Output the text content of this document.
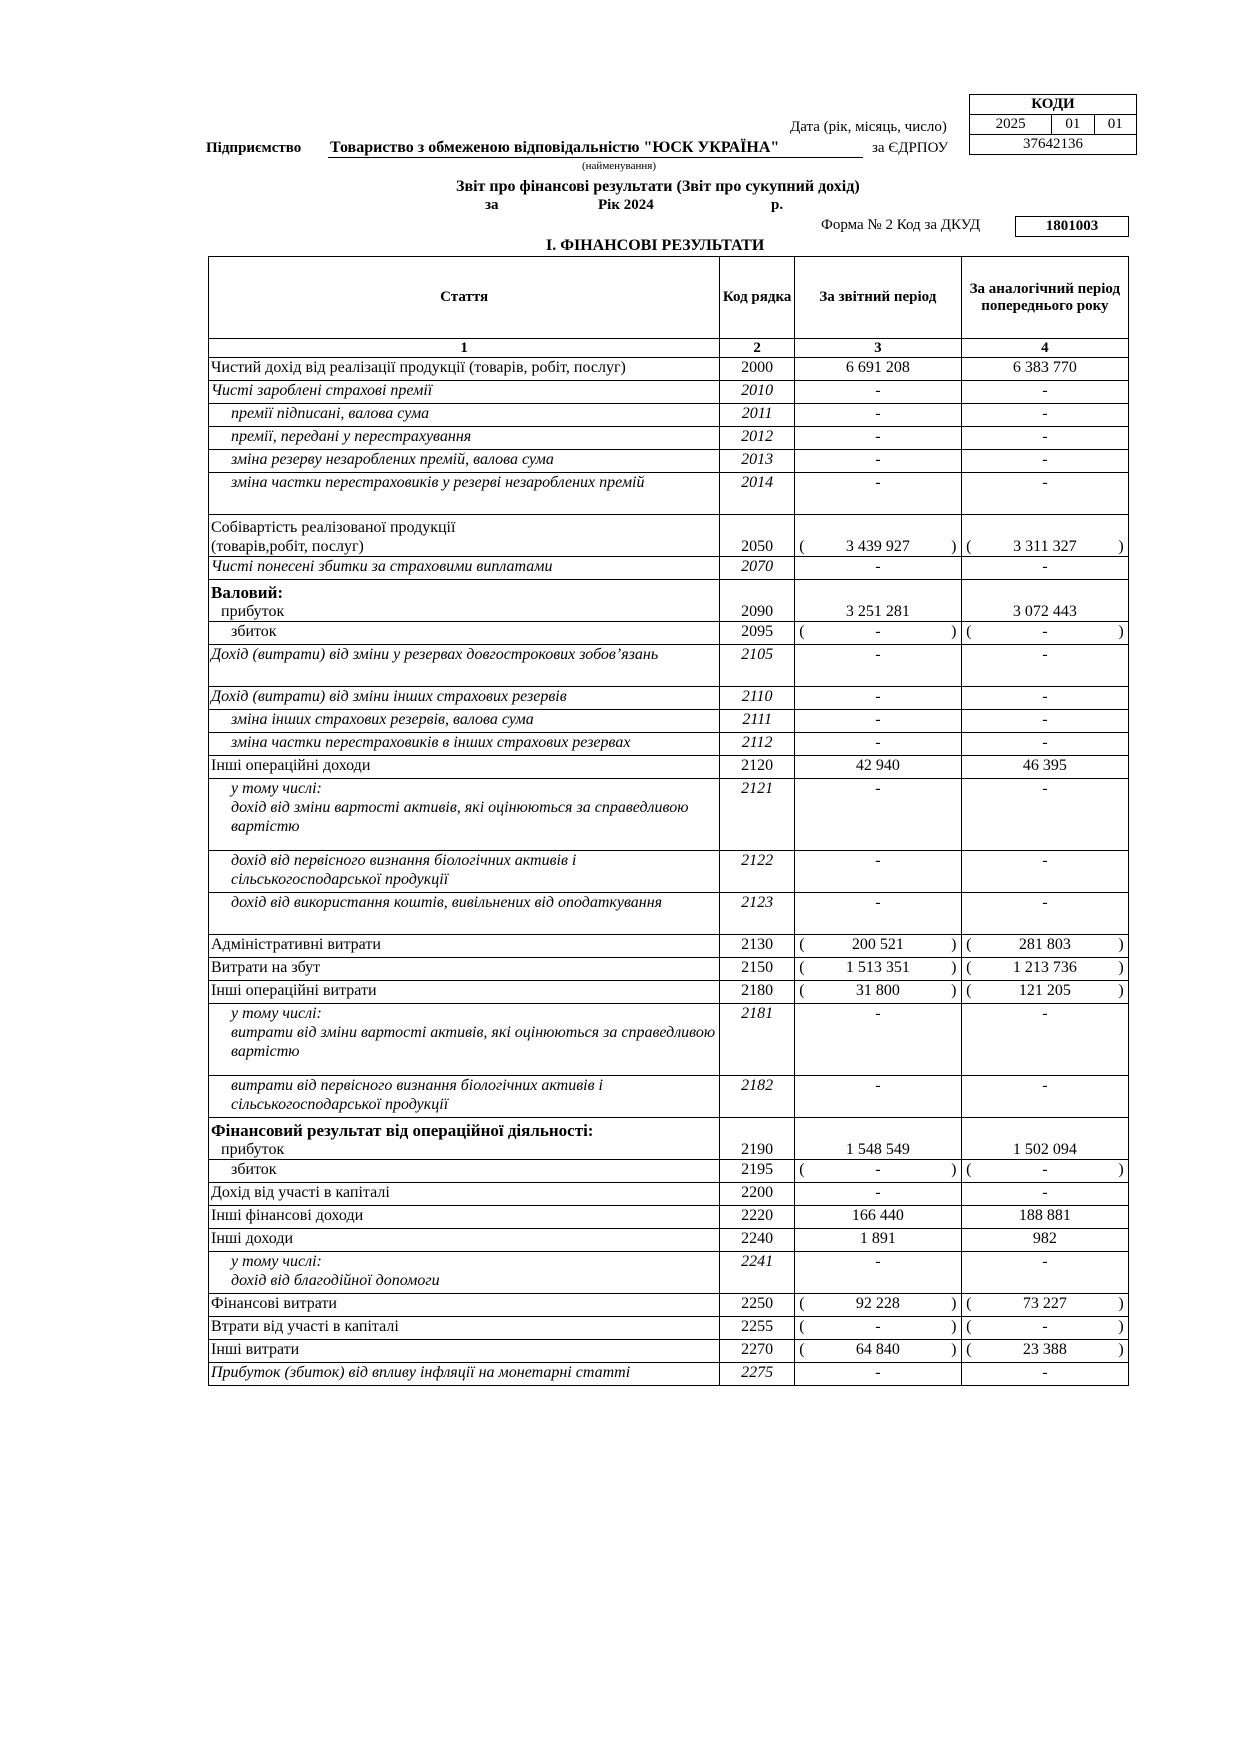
КОДИ
2025	01	01
37642136
Дата (рік, місяць, число)
Підприємство Товариство з обмеженою відповідальністю "ЮСК УКРАЇНА"	за ЄДРПОУ
(найменування)
Звіт про фінансові результати (Звіт про сукупний дохід)
за	Рік 2024	р.
Форма № 2 Код за ДКУД	1801003
I. ФІНАНСОВІ РЕЗУЛЬТАТИ
Стаття	Код рядка	За звітний період	За аналогічний період попереднього року
1	2	3	4

Чистий дохід від реалізації продукції (товарів, робіт, послуг)	2000	6 691 208	6 383 770

Чисті зароблені страхові премії	2010	-	-

премії підписані, валова сума	2011	-	-

премії, передані у перестрахування	2012	-	-

зміна резерву незароблених премій, валова сума	2013	-	-

зміна частки перестраховиків у резерві незароблених премій	2014	-	-

Собівартість реалізованої продукції
(товарів,робіт, послуг)	2050	( 3 439 927 )	( 3 311 327 )

Чисті понесені збитки за страховими виплатами	2070	-	-

Валовий:
прибуток	2090	3 251 281	3 072 443

збиток	2095	( - )	( - )

Дохід (витрати) від зміни у резервах довгострокових зобов’язань	2105	-	-

Дохід (витрати) від зміни інших страхових резервів	2110	-	-

зміна інших страхових резервів, валова сума	2111	-	-

зміна частки перестраховиків в інших страхових резервах	2112	-	-

Інші операційні доходи	2120	42 940	46 395

у тому числі:
дохід від зміни вартості активів, які оцінюються за справедливою вартістю	2121	-	-

дохід від первісного визнання біологічних активів і сільськогосподарської продукції	2122	-	-

дохід від використання коштів, вивільнених від оподаткування	2123	-	-

Адміністративні витрати	2130	( 200 521 )	( 281 803 )

Витрати на збут	2150	( 1 513 351 )	( 1 213 736 )

Інші операційні витрати	2180	( 31 800 )	( 121 205 )

у тому числі:
витрати від зміни вартості активів, які оцінюються за справедливою вартістю	2181	-	-

витрати від первісного визнання біологічних активів і сільськогосподарської продукції	2182	-	-

Фінансовий результат від операційної діяльності:
прибуток	2190	1 548 549	1 502 094

збиток	2195	( - )	( - )

Дохід від участі в капіталі	2200	-	-

Інші фінансові доходи	2220	166 440	188 881

Інші доходи	2240	1 891	982

у тому числі:
дохід від благодійної допомоги	2241	-	-

Фінансові витрати	2250	( 92 228 )	( 73 227 )

Втрати від участі в капіталі	2255	( - )	( - )

Інші витрати	2270	( 64 840 )	( 23 388 )

Прибуток (збиток) від впливу інфляції на монетарні статті	2275	-	-
